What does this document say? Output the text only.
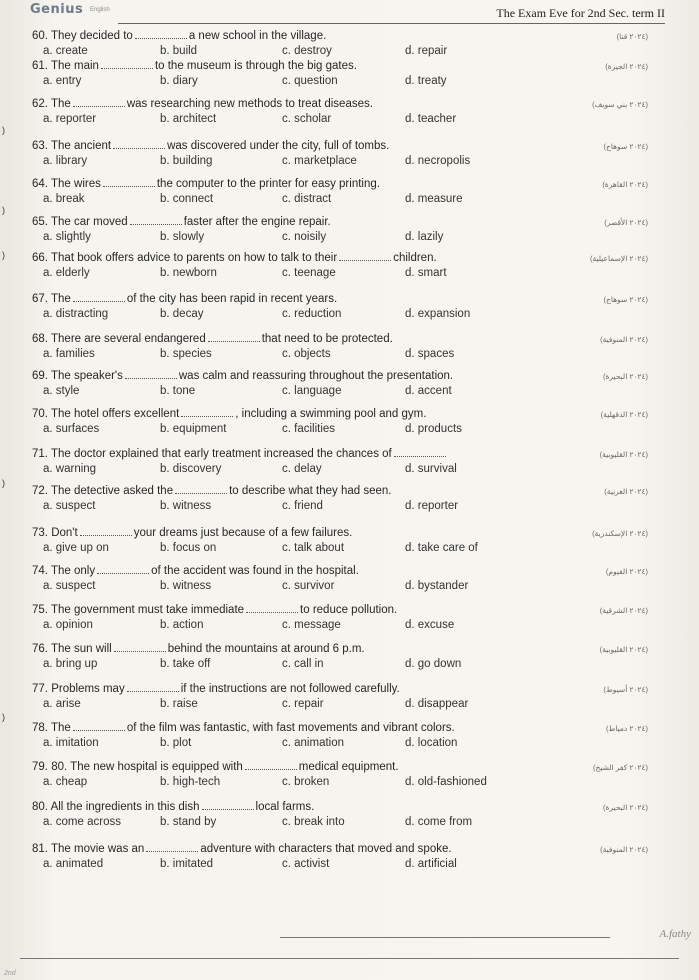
Genius English	The Exam Eve for 2nd Sec. term II
60. They decided to	a new school in the village.
a. create	b. build	c. destroy	d. repair
(٢٠٢٤ قنا)
61. The main	to the museum is through the big gates.
a. entry	b. diary	c. question	d. treaty
(٢٠٢٤ الجيزة)
62. The	was researching new methods to treat diseases.
a. reporter	b. architect	c. scholar	d. teacher
(٢٠٢٤ بني سويف)
63. The ancient	was discovered under the city, full of tombs.
a. library	b. building	c. marketplace	d. necropolis
(٢٠٢٤ سوهاج)
64. The wires	the computer to the printer for easy printing.
a. break	b. connect	c. distract	d. measure
(٢٠٢٤ القاهرة)
65. The car moved	faster after the engine repair.
a. slightly	b. slowly	c. noisily	d. lazily
(٢٠٢٤ الأقصر)
66. That book offers advice to parents on how to talk to their	children.
a. elderly	b. newborn	c. teenage	d. smart
(٢٠٢٤ الإسماعيلية)
67. The	of the city has been rapid in recent years.
a. distracting	b. decay	c. reduction	d. expansion
(٢٠٢٤ سوهاج)
68. There are several endangered	that need to be protected.
a. families	b. species	c. objects	d. spaces
(٢٠٢٤ المنوفية)
69. The speaker's	was calm and reassuring throughout the presentation.
a. style	b. tone	c. language	d. accent
(٢٠٢٤ البحيرة)
70. The hotel offers excellent	, including a swimming pool and gym.
a. surfaces	b. equipment	c. facilities	d. products
(٢٠٢٤ الدقهلية)
71. The doctor explained that early treatment increased the chances of
a. warning	b. discovery	c. delay	d. survival
(٢٠٢٤ القليوبية)
72. The detective asked the	to describe what they had seen.
a. suspect	b. witness	c. friend	d. reporter
(٢٠٢٤ الغربية)
73. Don't	your dreams just because of a few failures.
a. give up on	b. focus on	c. talk about	d. take care of
(٢٠٢٤ الإسكندرية)
74. The only	of the accident was found in the hospital.
a. suspect	b. witness	c. survivor	d. bystander
(٢٠٢٤ الفيوم)
75. The government must take immediate	to reduce pollution.
a. opinion	b. action	c. message	d. excuse
(٢٠٢٤ الشرقية)
76. The sun will	behind the mountains at around 6 p.m.
a. bring up	b. take off	c. call in	d. go down
(٢٠٢٤ القليوبية)
77. Problems may	if the instructions are not followed carefully.
a. arise	b. raise	c. repair	d. disappear
(٢٠٢٤ أسيوط)
78. The	of the film was fantastic, with fast movements and vibrant colors.
a. imitation	b. plot	c. animation	d. location
(٢٠٢٤ دمياط)
79. 80. The new hospital is equipped with	medical equipment.
a. cheap	b. high-tech	c. broken	d. old-fashioned
(٢٠٢٤ كفر الشيخ)
80. All the ingredients in this dish	local farms.
a. come across	b. stand by	c. break into	d. come from
(٢٠٢٤ البحيرة)
81. The movie was an	adventure with characters that moved and spoke.
a. animated	b. imitated	c. activist	d. artificial
(٢٠٢٤ المنوفية)
)
)
)
)
)
A.fathy
2nd
